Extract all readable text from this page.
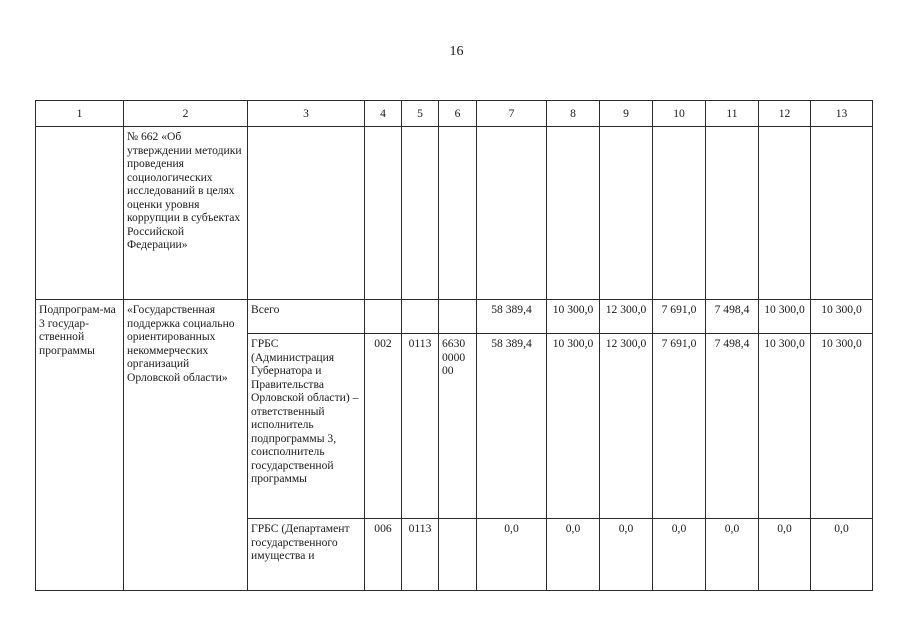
16
1	2	3	4	5	6	7	8	9	10	11	12	13
	№ 662 «Об утверждении методики проведения социологических исследований в целях оценки уровня коррупции в субъектах Российской Федерации»											
Подпрограм-ма 3 государ-ственной программы	«Государственная поддержка социально ориентированных некоммерческих организаций Орловской области»	Всего				58 389,4	10 300,0	12 300,0	7 691,0	7 498,4	10 300,0	10 300,0
		ГРБС (Администрация Губернатора и Правительства Орловской области) – ответственный исполнитель подпрограммы 3, соисполнитель государственной программы	002	0113	6630 0000 00	58 389,4	10 300,0	12 300,0	7 691,0	7 498,4	10 300,0	10 300,0
		ГРБС (Департамент государственного имущества и	006	0113		0,0	0,0	0,0	0,0	0,0	0,0	0,0
